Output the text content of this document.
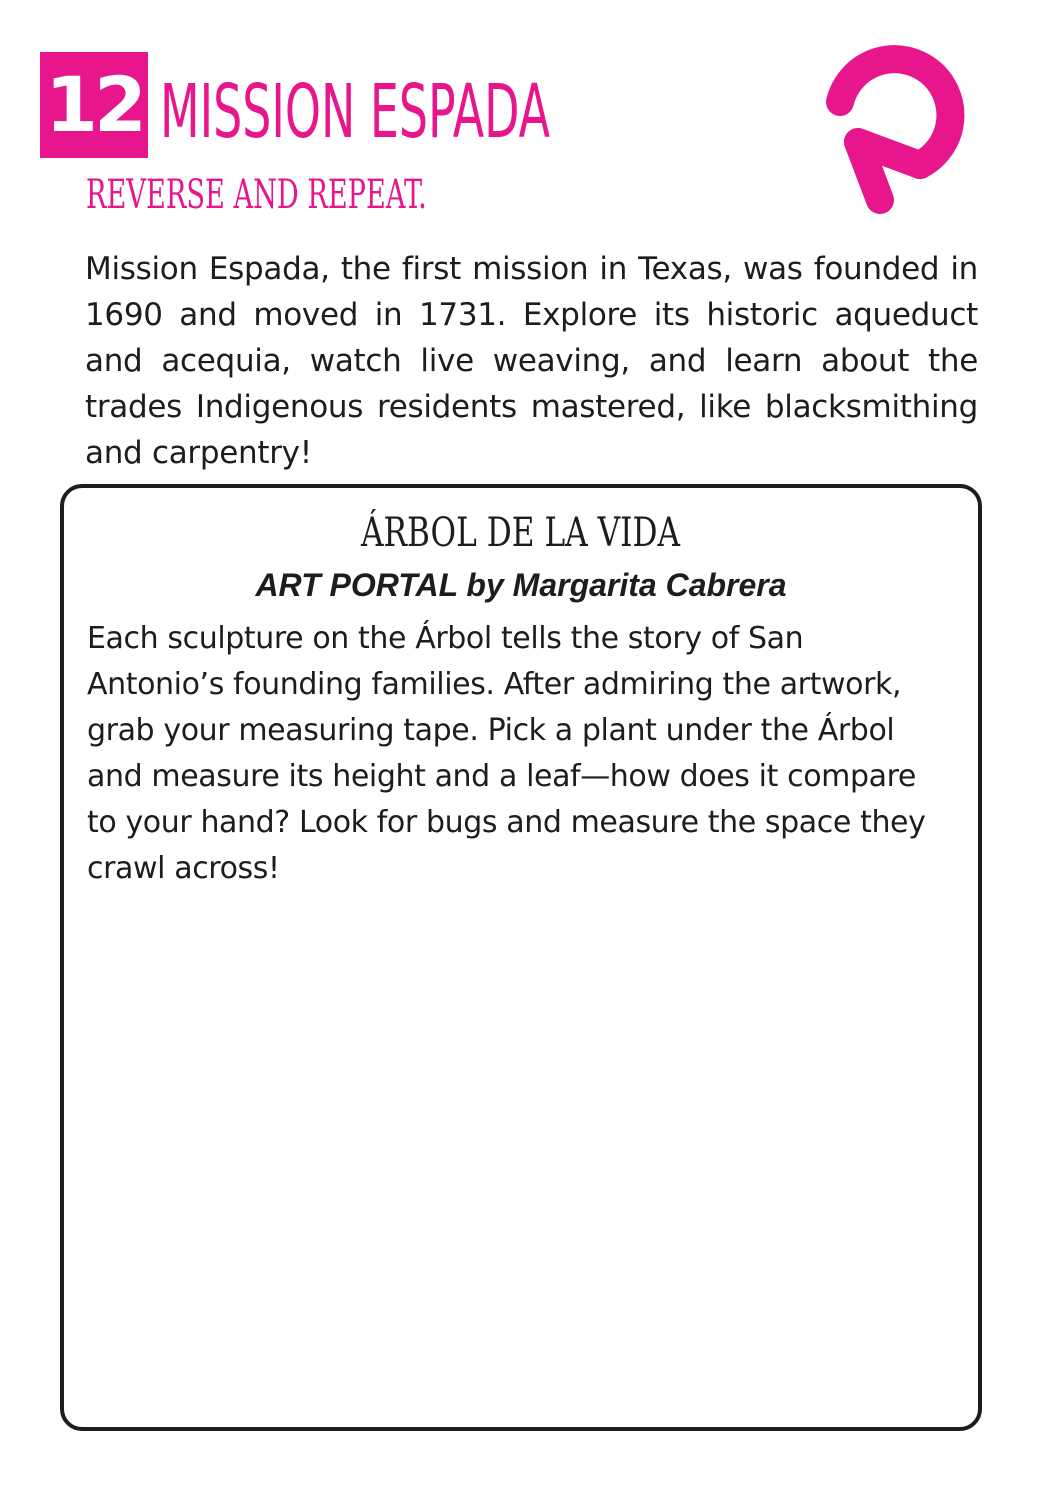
12 MISSION ESPADA
REVERSE AND REPEAT.

Mission Espada, the first mission in Texas, was founded in 1690 and moved in 1731. Explore its historic aqueduct and acequia, watch live weaving, and learn about the trades Indigenous residents mastered, like blacksmithing and carpentry!

ÁRBOL DE LA VIDA
ART PORTAL by Margarita Cabrera

Each sculpture on the Árbol tells the story of San Antonio’s founding families. After admiring the artwork, grab your measuring tape. Pick a plant under the Árbol and measure its height and a leaf—how does it compare to your hand? Look for bugs and measure the space they crawl across!
